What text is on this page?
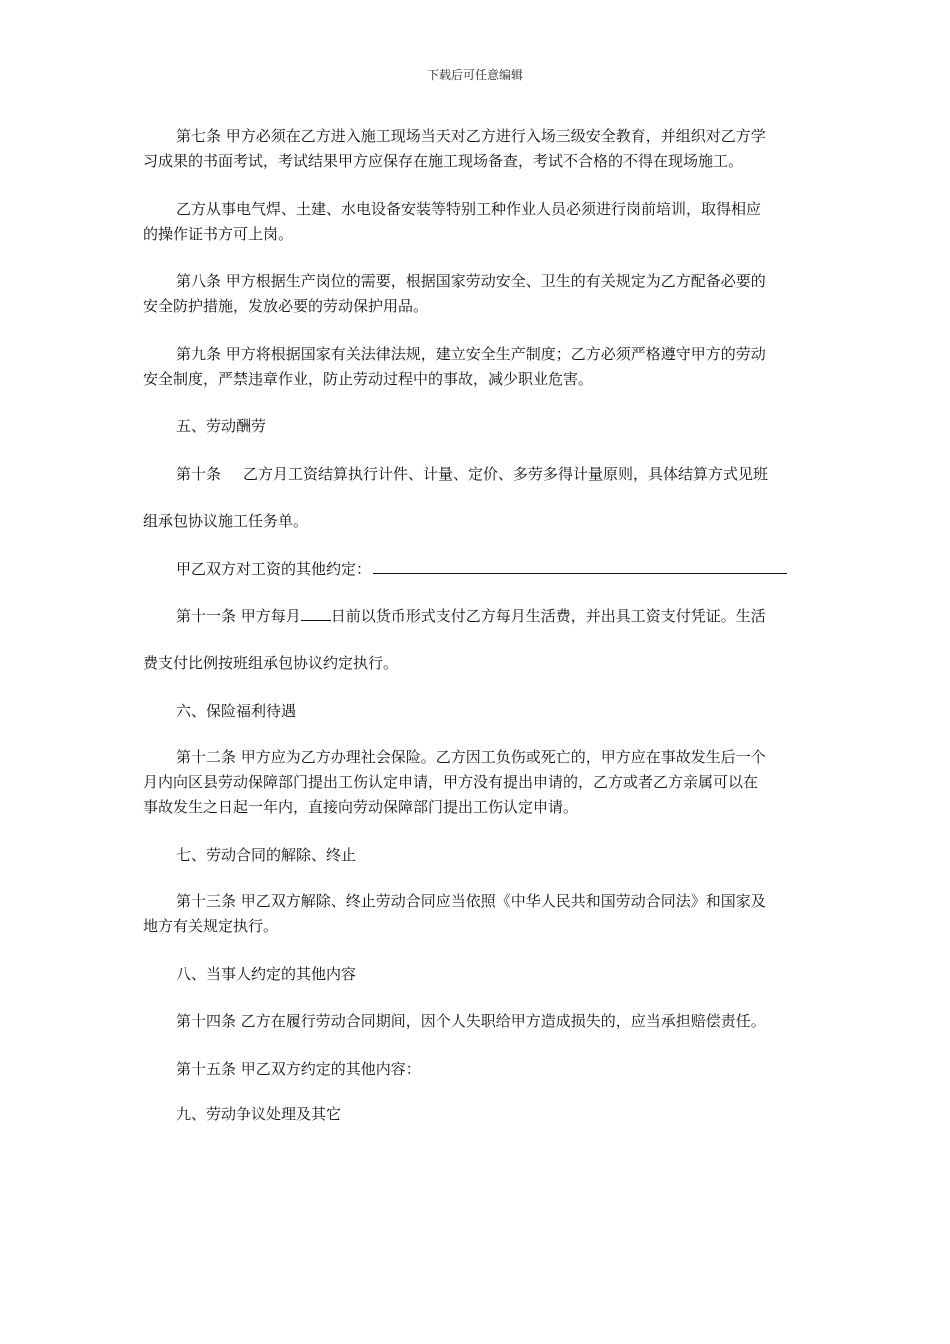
下载后可任意编辑
第七条 甲方必须在乙方进入施工现场当天对乙方进行入场三级安全教育，并组织对乙方学
习成果的书面考试，考试结果甲方应保存在施工现场备查，考试不合格的不得在现场施工。
乙方从事电气焊、土建、水电设备安装等特别工种作业人员必须进行岗前培训，取得相应
的操作证书方可上岗。
第八条 甲方根据生产岗位的需要，根据国家劳动安全、卫生的有关规定为乙方配备必要的
安全防护措施，发放必要的劳动保护用品。
第九条 甲方将根据国家有关法律法规，建立安全生产制度；乙方必须严格遵守甲方的劳动
安全制度，严禁违章作业，防止劳动过程中的事故，减少职业危害。
五、劳动酬劳
第十条 乙方月工资结算执行计件、计量、定价、多劳多得计量原则，具体结算方式见班
组承包协议施工任务单。
甲乙双方对工资的其他约定：
第十一条 甲方每月 日前以货币形式支付乙方每月生活费，并出具工资支付凭证。生活
费支付比例按班组承包协议约定执行。
六、保险福利待遇
第十二条 甲方应为乙方办理社会保险。乙方因工负伤或死亡的，甲方应在事故发生后一个
月内向区县劳动保障部门提出工伤认定申请，甲方没有提出申请的，乙方或者乙方亲属可以在
事故发生之日起一年内，直接向劳动保障部门提出工伤认定申请。
七、劳动合同的解除、终止
第十三条 甲乙双方解除、终止劳动合同应当依照《中华人民共和国劳动合同法》和国家及
地方有关规定执行。
八、当事人约定的其他内容
第十四条 乙方在履行劳动合同期间，因个人失职给甲方造成损失的，应当承担赔偿责任。
第十五条 甲乙双方约定的其他内容：
九、劳动争议处理及其它
